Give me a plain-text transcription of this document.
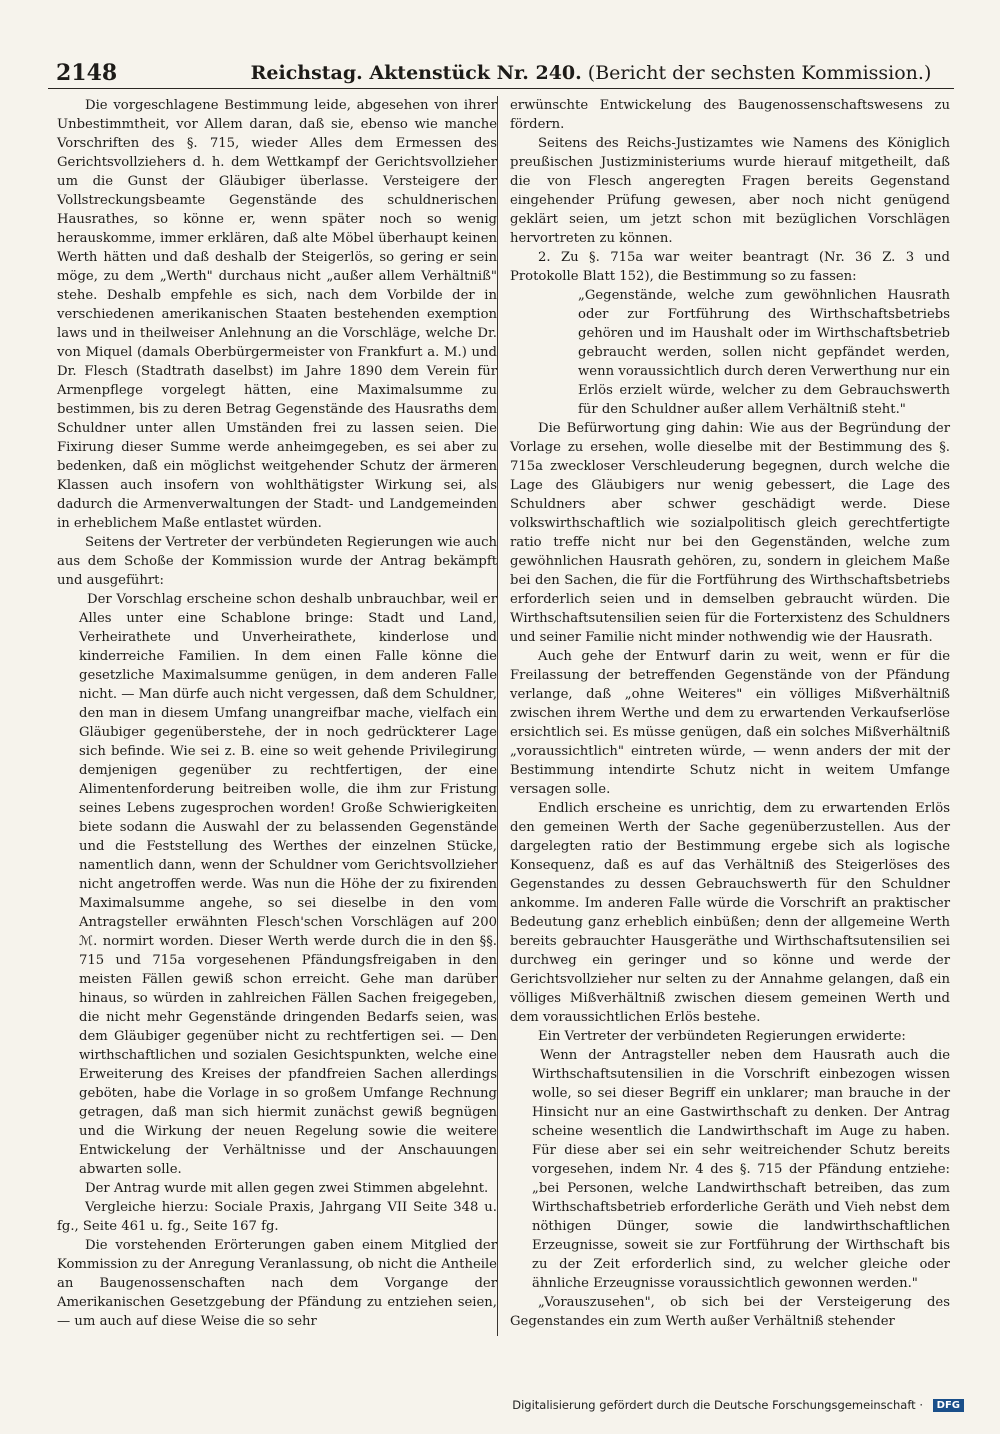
2148	Reichstag. Aktenstück Nr. 240. (Bericht der sechsten Kommission.)

Die vorgeschlagene Bestimmung leide, abgesehen von ihrer Unbestimmtheit, vor Allem daran, daß sie, ebenso wie manche Vorschriften des §. 715, wieder Alles dem Ermessen des Gerichtsvollziehers d. h. dem Wettkampf der Gerichtsvollzieher um die Gunst der Gläubiger überlasse. Versteigere der Vollstreckungsbeamte Gegenstände des schuldnerischen Hausrathes, so könne er, wenn später noch so wenig herauskomme, immer erklären, daß alte Möbel überhaupt keinen Werth hätten und daß deshalb der Steigerlös, so gering er sein möge, zu dem „Werth" durchaus nicht „außer allem Verhältniß" stehe. Deshalb empfehle es sich, nach dem Vorbilde der in verschiedenen amerikanischen Staaten bestehenden exemption laws und in theilweiser Anlehnung an die Vorschläge, welche Dr. von Miquel (damals Oberbürgermeister von Frankfurt a. M.) und Dr. Flesch (Stadtrath daselbst) im Jahre 1890 dem Verein für Armenpflege vorgelegt hätten, eine Maximalsumme zu bestimmen, bis zu deren Betrag Gegenstände des Hausraths dem Schuldner unter allen Umständen frei zu lassen seien. Die Fixirung dieser Summe werde anheimgegeben, es sei aber zu bedenken, daß ein möglichst weitgehender Schutz der ärmeren Klassen auch insofern von wohlthätigster Wirkung sei, als dadurch die Armenverwaltungen der Stadt- und Landgemeinden in erheblichem Maße entlastet würden.

Seitens der Vertreter der verbündeten Regierungen wie auch aus dem Schoße der Kommission wurde der Antrag bekämpft und ausgeführt:

Der Vorschlag erscheine schon deshalb unbrauchbar, weil er Alles unter eine Schablone bringe: Stadt und Land, Verheirathete und Unverheirathete, kinderlose und kinderreiche Familien. In dem einen Falle könne die gesetzliche Maximalsumme genügen, in dem anderen Falle nicht. — Man dürfe auch nicht vergessen, daß dem Schuldner, den man in diesem Umfang unangreifbar mache, vielfach ein Gläubiger gegenüberstehe, der in noch gedrückterer Lage sich befinde. Wie sei z. B. eine so weit gehende Privilegirung demjenigen gegenüber zu rechtfertigen, der eine Alimentenforderung beitreiben wolle, die ihm zur Fristung seines Lebens zugesprochen worden! Große Schwierigkeiten biete sodann die Auswahl der zu belassenden Gegenstände und die Feststellung des Werthes der einzelnen Stücke, namentlich dann, wenn der Schuldner vom Gerichtsvollzieher nicht angetroffen werde. Was nun die Höhe der zu fixirenden Maximalsumme angehe, so sei dieselbe in den vom Antragsteller erwähnten Flesch'schen Vorschlägen auf 200 ℳ. normirt worden. Dieser Werth werde durch die in den §§. 715 und 715a vorgesehenen Pfändungsfreigaben in den meisten Fällen gewiß schon erreicht. Gehe man darüber hinaus, so würden in zahlreichen Fällen Sachen freigegeben, die nicht mehr Gegenstände dringenden Bedarfs seien, was dem Gläubiger gegenüber nicht zu rechtfertigen sei. — Den wirthschaftlichen und sozialen Gesichtspunkten, welche eine Erweiterung des Kreises der pfandfreien Sachen allerdings geböten, habe die Vorlage in so großem Umfange Rechnung getragen, daß man sich hiermit zunächst gewiß begnügen und die Wirkung der neuen Regelung sowie die weitere Entwickelung der Verhältnisse und der Anschauungen abwarten solle.

Der Antrag wurde mit allen gegen zwei Stimmen abgelehnt.

Vergleiche hierzu: Sociale Praxis, Jahrgang VII Seite 348 u. fg., Seite 461 u. fg., Seite 167 fg.

Die vorstehenden Erörterungen gaben einem Mitglied der Kommission zu der Anregung Veranlassung, ob nicht die Antheile an Baugenossenschaften nach dem Vorgange der Amerikanischen Gesetzgebung der Pfändung zu entziehen seien, — um auch auf diese Weise die so sehr

erwünschte Entwickelung des Baugenossenschaftswesens zu fördern.

Seitens des Reichs-Justizamtes wie Namens des Königlich preußischen Justizministeriums wurde hierauf mitgetheilt, daß die von Flesch angeregten Fragen bereits Gegenstand eingehender Prüfung gewesen, aber noch nicht genügend geklärt seien, um jetzt schon mit bezüglichen Vorschlägen hervortreten zu können.

2. Zu §. 715a war weiter beantragt (Nr. 36 Z. 3 und Protokolle Blatt 152), die Bestimmung so zu fassen:

„Gegenstände, welche zum gewöhnlichen Hausrath oder zur Fortführung des Wirthschaftsbetriebs gehören und im Haushalt oder im Wirthschaftsbetrieb gebraucht werden, sollen nicht gepfändet werden, wenn voraussichtlich durch deren Verwerthung nur ein Erlös erzielt würde, welcher zu dem Gebrauchswerth für den Schuldner außer allem Verhältniß steht."

Die Befürwortung ging dahin: Wie aus der Begründung der Vorlage zu ersehen, wolle dieselbe mit der Bestimmung des §. 715a zweckloser Verschleuderung begegnen, durch welche die Lage des Gläubigers nur wenig gebessert, die Lage des Schuldners aber schwer geschädigt werde. Diese volkswirthschaftlich wie sozialpolitisch gleich gerechtfertigte ratio treffe nicht nur bei den Gegenständen, welche zum gewöhnlichen Hausrath gehören, zu, sondern in gleichem Maße bei den Sachen, die für die Fortführung des Wirthschaftsbetriebs erforderlich seien und in demselben gebraucht würden. Die Wirthschaftsutensilien seien für die Forterxistenz des Schuldners und seiner Familie nicht minder nothwendig wie der Hausrath.

Auch gehe der Entwurf darin zu weit, wenn er für die Freilassung der betreffenden Gegenstände von der Pfändung verlange, daß „ohne Weiteres" ein völliges Mißverhältniß zwischen ihrem Werthe und dem zu erwartenden Verkaufserlöse ersichtlich sei. Es müsse genügen, daß ein solches Mißverhältniß „voraussichtlich" eintreten würde, — wenn anders der mit der Bestimmung intendirte Schutz nicht in weitem Umfange versagen solle.

Endlich erscheine es unrichtig, dem zu erwartenden Erlös den gemeinen Werth der Sache gegenüberzustellen. Aus der dargelegten ratio der Bestimmung ergebe sich als logische Konsequenz, daß es auf das Verhältniß des Steigerlöses des Gegenstandes zu dessen Gebrauchswerth für den Schuldner ankomme. Im anderen Falle würde die Vorschrift an praktischer Bedeutung ganz erheblich einbüßen; denn der allgemeine Werth bereits gebrauchter Hausgeräthe und Wirthschaftsutensilien sei durchweg ein geringer und so könne und werde der Gerichtsvollzieher nur selten zu der Annahme gelangen, daß ein völliges Mißverhältniß zwischen diesem gemeinen Werth und dem voraussichtlichen Erlös bestehe.

Ein Vertreter der verbündeten Regierungen erwiderte:

Wenn der Antragsteller neben dem Hausrath auch die Wirthschaftsutensilien in die Vorschrift einbezogen wissen wolle, so sei dieser Begriff ein unklarer; man brauche in der Hinsicht nur an eine Gastwirthschaft zu denken. Der Antrag scheine wesentlich die Landwirthschaft im Auge zu haben. Für diese aber sei ein sehr weitreichender Schutz bereits vorgesehen, indem Nr. 4 des §. 715 der Pfändung entziehe: „bei Personen, welche Landwirthschaft betreiben, das zum Wirthschaftsbetrieb erforderliche Geräth und Vieh nebst dem nöthigen Dünger, sowie die landwirthschaftlichen Erzeugnisse, soweit sie zur Fortführung der Wirthschaft bis zu der Zeit erforderlich sind, zu welcher gleiche oder ähnliche Erzeugnisse voraussichtlich gewonnen werden."

„Vorauszusehen", ob sich bei der Versteigerung des Gegenstandes ein zum Werth außer Verhältniß stehender

Digitalisierung gefördert durch die Deutsche Forschungsgemeinschaft · DFG
